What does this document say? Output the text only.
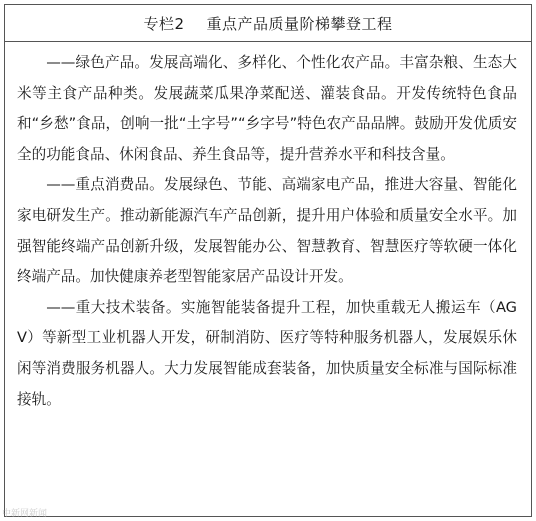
专栏2 重点产品质量阶梯攀登工程

——绿色产品。发展高端化、多样化、个性化农产品。丰富杂粮、生态大米等主食产品种类。发展蔬菜瓜果净菜配送、灌装食品。开发传统特色食品和“乡愁”食品，创响一批“土字号”“乡字号”特色农产品品牌。鼓励开发优质安全的功能食品、休闲食品、养生食品等，提升营养水平和科技含量。

——重点消费品。发展绿色、节能、高端家电产品，推进大容量、智能化家电研发生产。推动新能源汽车产品创新，提升用户体验和质量安全水平。加强智能终端产品创新升级，发展智能办公、智慧教育、智慧医疗等软硬一体化终端产品。加快健康养老型智能家居产品设计开发。

——重大技术装备。实施智能装备提升工程，加快重载无人搬运车（AGV）等新型工业机器人开发，研制消防、医疗等特种服务机器人，发展娱乐休闲等消费服务机器人。大力发展智能成套装备，加快质量安全标准与国际标准接轨。

中新网新闻
